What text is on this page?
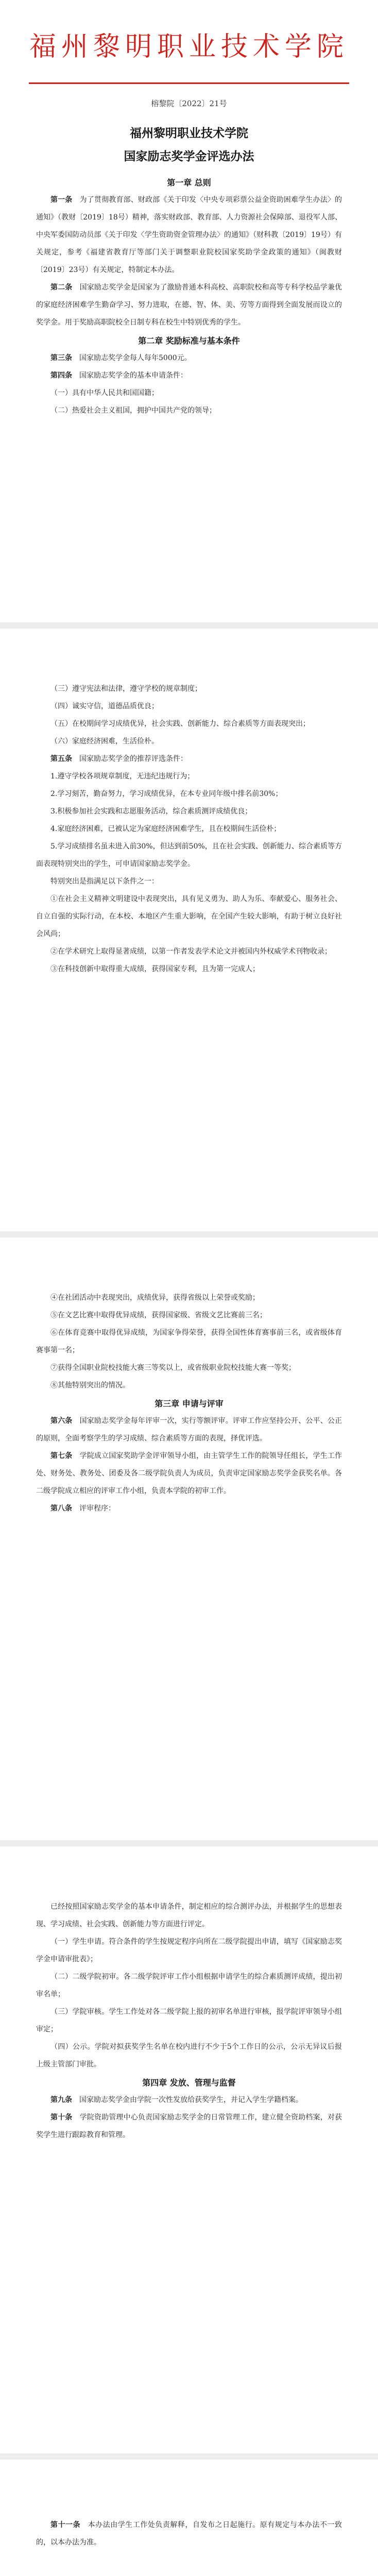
福州黎明职业技术学院
榕黎院〔2022〕21号
福州黎明职业技术学院
国家励志奖学金评选办法
第一章 总则

第一条　 为了贯彻教育部、财政部《关于印发〈中央专项彩票公益金资助困难学生办法〉的通知》（教财〔2019〕18号）精神，落实财政部、教育部、人力资源社会保障部、退役军人部、中央军委国防动员部《关于印发〈学生资助资金管理办法〉的通知》（财科教〔2019〕19号）有关规定，参考《福建省教育厅等部门关于调整职业院校国家奖助学金政策的通知》（闽教财〔2019〕23号）有关规定，特制定本办法。

第二条　 国家励志奖学金是国家为了激励普通本科高校、高职院校和高等专科学校品学兼优的家庭经济困难学生勤奋学习、努力进取，在德、智、体、美、劳等方面得到全面发展而设立的奖学金。用于奖励高职院校全日制专科在校生中特别优秀的学生。

第二章 奖励标准与基本条件

第三条　 国家励志奖学金每人每年5000元。

第四条　 国家励志奖学金的基本申请条件：

（一）具有中华人民共和国国籍；

（二）热爱社会主义祖国，拥护中国共产党的领导；

（三）遵守宪法和法律，遵守学校的规章制度；

（四）诚实守信，道德品质优良；

（五）在校期间学习成绩优异，社会实践、创新能力、综合素质等方面表现突出；

（六）家庭经济困难，生活俭朴。

第五条　 国家励志奖学金的推荐评选条件：

1.遵守学校各项规章制度，无违纪违规行为；

2.学习刻苦，勤奋努力，学习成绩优异，在本专业同年级中排名前30%；

3.积极参加社会实践和志愿服务活动，综合素质测评成绩优良；

4.家庭经济困难，已被认定为家庭经济困难学生，且在校期间生活俭朴；

5.学习成绩排名虽未进入前30%，但达到前50%，且在社会实践、创新能力、综合素质等方面表现特别突出的学生，可申请国家励志奖学金。

特别突出是指满足以下条件之一：

①在社会主义精神文明建设中表现突出，具有见义勇为、助人为乐、奉献爱心、服务社会、自立自强的实际行动，在本校、本地区产生重大影响，在全国产生较大影响，有助于树立良好社会风尚；

②在学术研究上取得显著成绩，以第一作者发表学术论文并被国内外权威学术刊物收录；

③在科技创新中取得重大成绩，获得国家专利，且为第一完成人；

④在社团活动中表现突出，成绩优异，获得省级以上荣誉或奖励；

⑤在文艺比赛中取得优异成绩，获得国家级、省级文艺比赛前三名；

⑥在体育竞赛中取得优异成绩，为国家争得荣誉，获得全国性体育赛事前三名，或省级体育赛事第一名；

⑦获得全国职业院校技能大赛三等奖以上，或省级职业院校技能大赛一等奖；

⑧其他特别突出的情况。

第三章 申请与评审

第六条　 国家励志奖学金每年评审一次，实行等额评审。评审工作应坚持公开、公平、公正的原则，全面考察学生的学习成绩、综合素质等方面的表现，择优评选。

第七条　 学院成立国家奖助学金评审领导小组，由主管学生工作的院领导任组长，学生工作处、财务处、教务处、团委及各二级学院负责人为成员，负责审定国家励志奖学金获奖名单。各二级学院成立相应的评审工作小组，负责本学院的初审工作。

第八条　 评审程序：

已经按照国家励志奖学金的基本申请条件，制定相应的综合测评办法，并根据学生的思想表现、学习成绩、社会实践、创新能力等方面进行评定。

（一）学生申请。符合条件的学生按规定程序向所在二级学院提出申请，填写《国家励志奖学金申请审批表》；

（二）二级学院初审。各二级学院评审工作小组根据申请学生的综合素质测评成绩，提出初审名单；

（三）学院审核。学生工作处对各二级学院上报的初审名单进行审核，报学院评审领导小组审定；

（四）公示。学院对拟获奖学生名单在校内进行不少于5个工作日的公示，公示无异议后报上级主管部门审批。

第四章 发放、管理与监督

第九条　 国家励志奖学金由学院一次性发放给获奖学生，并记入学生学籍档案。

第十条　 学院资助管理中心负责国家励志奖学金的日常管理工作，建立健全资助档案，对获奖学生进行跟踪教育和管理。

第十一条　 本办法由学生工作处负责解释，自发布之日起施行。原有规定与本办法不一致的，以本办法为准。
